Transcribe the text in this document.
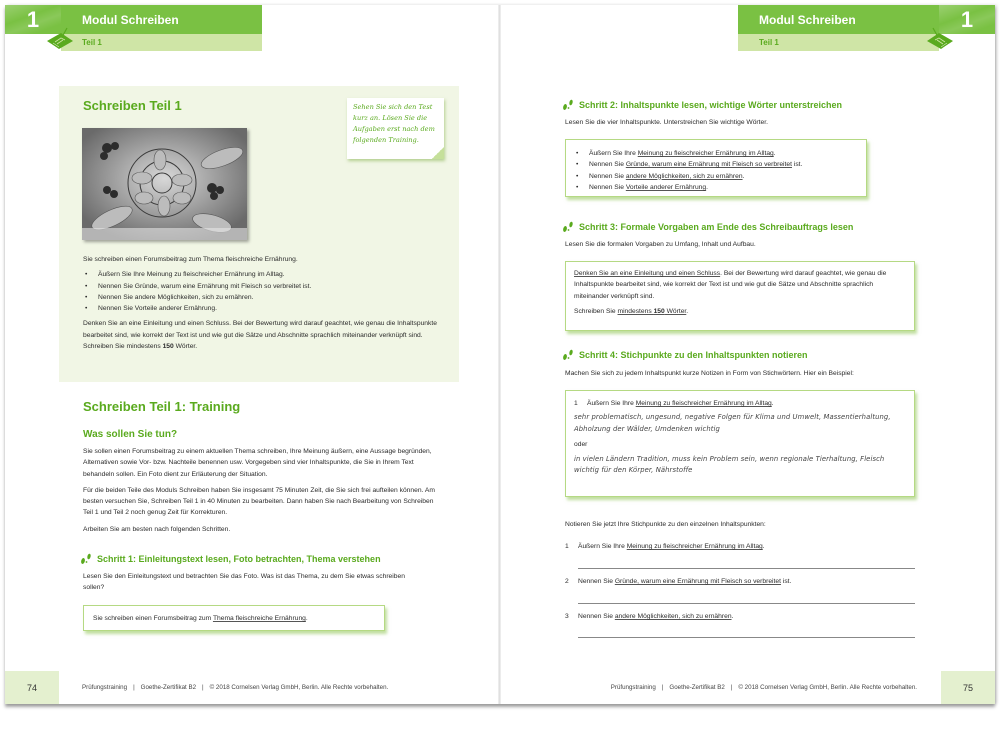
1	Modul Schreiben
Teil 1
Schreiben Teil 1	Sehen Sie sich den Test kurz an. Lösen Sie die Aufgaben erst nach dem folgenden Training.

Sie schreiben einen Forumsbeitrag zum Thema fleischreiche Ernährung.

• Äußern Sie Ihre Meinung zu fleischreicher Ernährung im Alltag.
• Nennen Sie Gründe, warum eine Ernährung mit Fleisch so verbreitet ist.
• Nennen Sie andere Möglichkeiten, sich zu ernähren.
• Nennen Sie Vorteile anderer Ernährung.
Denken Sie an eine Einleitung und einen Schluss. Bei der Bewertung wird darauf geachtet, wie genau die Inhaltspunkte bearbeitet sind, wie korrekt der Text ist und wie gut die Sätze und Abschnitte sprachlich miteinander verknüpft sind.
Schreiben Sie mindestens 150 Wörter.
Schreiben Teil 1: Training
Was sollen Sie tun?

Sie sollen einen Forumsbeitrag zu einem aktuellen Thema schreiben, Ihre Meinung äußern, eine Aussage begründen, Alternativen sowie Vor- bzw. Nachteile benennen usw. Vorgegeben sind vier Inhaltspunkte, die Sie in Ihrem Text behandeln sollen. Ein Foto dient zur Erläuterung der Situation.

Für die beiden Teile des Moduls Schreiben haben Sie insgesamt 75 Minuten Zeit, die Sie sich frei aufteilen können. Am besten versuchen Sie, Schreiben Teil 1 in 40 Minuten zu bearbeiten. Dann haben Sie nach Bearbeitung von Schreiben Teil 1 und Teil 2 noch genug Zeit für Korrekturen.

Arbeiten Sie am besten nach folgenden Schritten.

Schritt 1: Einleitungstext lesen, Foto betrachten, Thema verstehen
Lesen Sie den Einleitungstext und betrachten Sie das Foto. Was ist das Thema, zu dem Sie etwas schreiben sollen?
Sie schreiben einen Forumsbeitrag zum Thema fleischreiche Ernährung.
74	Prüfungstraining | Goethe-Zertifikat B2 | © 2018 Cornelsen Verlag GmbH, Berlin. Alle Rechte vorbehalten.
1
Modul Schreiben
Teil 1
Schritt 2: Inhaltspunkte lesen, wichtige Wörter unterstreichen
Lesen Sie die vier Inhaltspunkte. Unterstreichen Sie wichtige Wörter.
• Äußern Sie Ihre Meinung zu fleischreicher Ernährung im Alltag.
• Nennen Sie Gründe, warum eine Ernährung mit Fleisch so verbreitet ist.
• Nennen Sie andere Möglichkeiten, sich zu ernähren.
• Nennen Sie Vorteile anderer Ernährung.
Schritt 3: Formale Vorgaben am Ende des Schreibauftrags lesen
Lesen Sie die formalen Vorgaben zu Umfang, Inhalt und Aufbau.
Denken Sie an eine Einleitung und einen Schluss. Bei der Bewertung wird darauf geachtet, wie genau die Inhaltspunkte bearbeitet sind, wie korrekt der Text ist und wie gut die Sätze und Abschnitte sprachlich miteinander verknüpft sind.
Schreiben Sie mindestens 150 Wörter.
Schritt 4: Stichpunkte zu den Inhaltspunkten notieren
Machen Sie sich zu jedem Inhaltspunkt kurze Notizen in Form von Stichwörtern. Hier ein Beispiel:
1 Äußern Sie Ihre Meinung zu fleischreicher Ernährung im Alltag.
sehr problematisch, ungesund, negative Folgen für Klima und Umwelt, Massentierhaltung, Abholzung der Wälder, Umdenken wichtig
oder
in vielen Ländern Tradition, muss kein Problem sein, wenn regionale Tierhaltung, Fleisch wichtig für den Körper, Nährstoffe
Notieren Sie jetzt Ihre Stichpunkte zu den einzelnen Inhaltspunkten:
1 Äußern Sie Ihre Meinung zu fleischreicher Ernährung im Alltag.
2 Nennen Sie Gründe, warum eine Ernährung mit Fleisch so verbreitet ist.
3 Nennen Sie andere Möglichkeiten, sich zu ernähren.
75
Prüfungstraining | Goethe-Zertifikat B2 | © 2018 Cornelsen Verlag GmbH, Berlin. Alle Rechte vorbehalten.
